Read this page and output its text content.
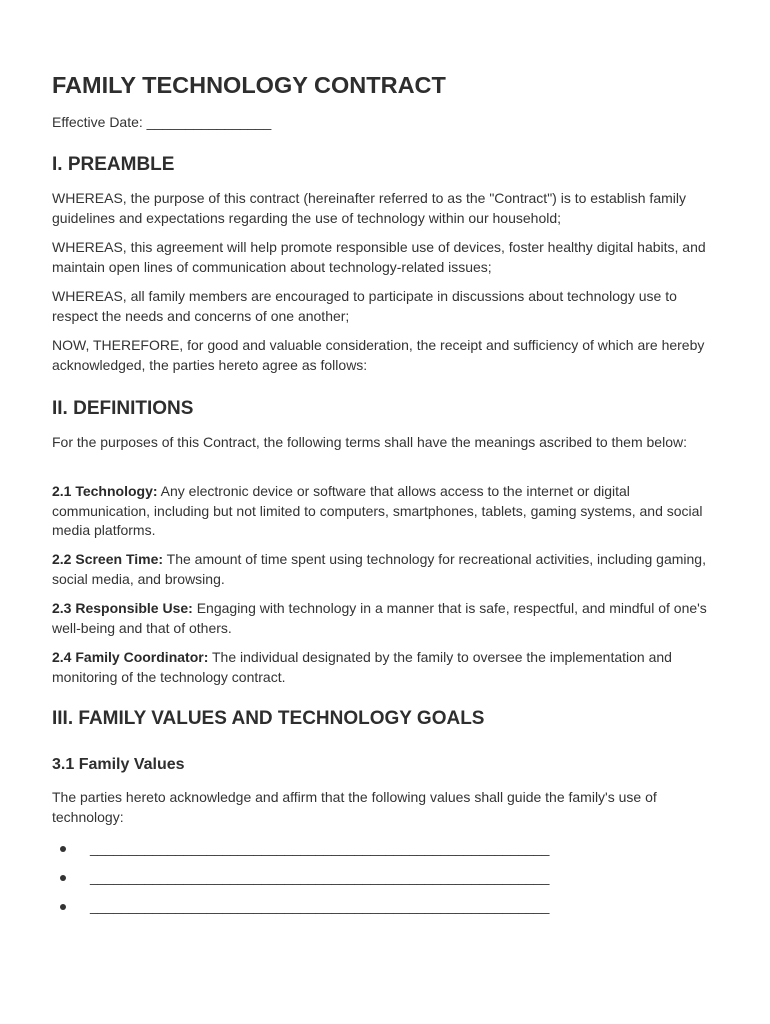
FAMILY TECHNOLOGY CONTRACT
Effective Date: ________________
I. PREAMBLE

WHEREAS, the purpose of this contract (hereinafter referred to as the "Contract") is to establish family guidelines and expectations regarding the use of technology within our household;

WHEREAS, this agreement will help promote responsible use of devices, foster healthy digital habits, and maintain open lines of communication about technology-related issues;

WHEREAS, all family members are encouraged to participate in discussions about technology use to respect the needs and concerns of one another;

NOW, THEREFORE, for good and valuable consideration, the receipt and sufficiency of which are hereby acknowledged, the parties hereto agree as follows:

II. DEFINITIONS

For the purposes of this Contract, the following terms shall have the meanings ascribed to them below:

2.1 Technology: Any electronic device or software that allows access to the internet or digital communication, including but not limited to computers, smartphones, tablets, gaming systems, and social media platforms.

2.2 Screen Time: The amount of time spent using technology for recreational activities, including gaming, social media, and browsing.

2.3 Responsible Use: Engaging with technology in a manner that is safe, respectful, and mindful of one's well-being and that of others.

2.4 Family Coordinator: The individual designated by the family to oversee the implementation and monitoring of the technology contract.

III. FAMILY VALUES AND TECHNOLOGY GOALS
3.1 Family Values

The parties hereto acknowledge and affirm that the following values shall guide the family's use of technology:

___________________________________________________________
___________________________________________________________
___________________________________________________________
